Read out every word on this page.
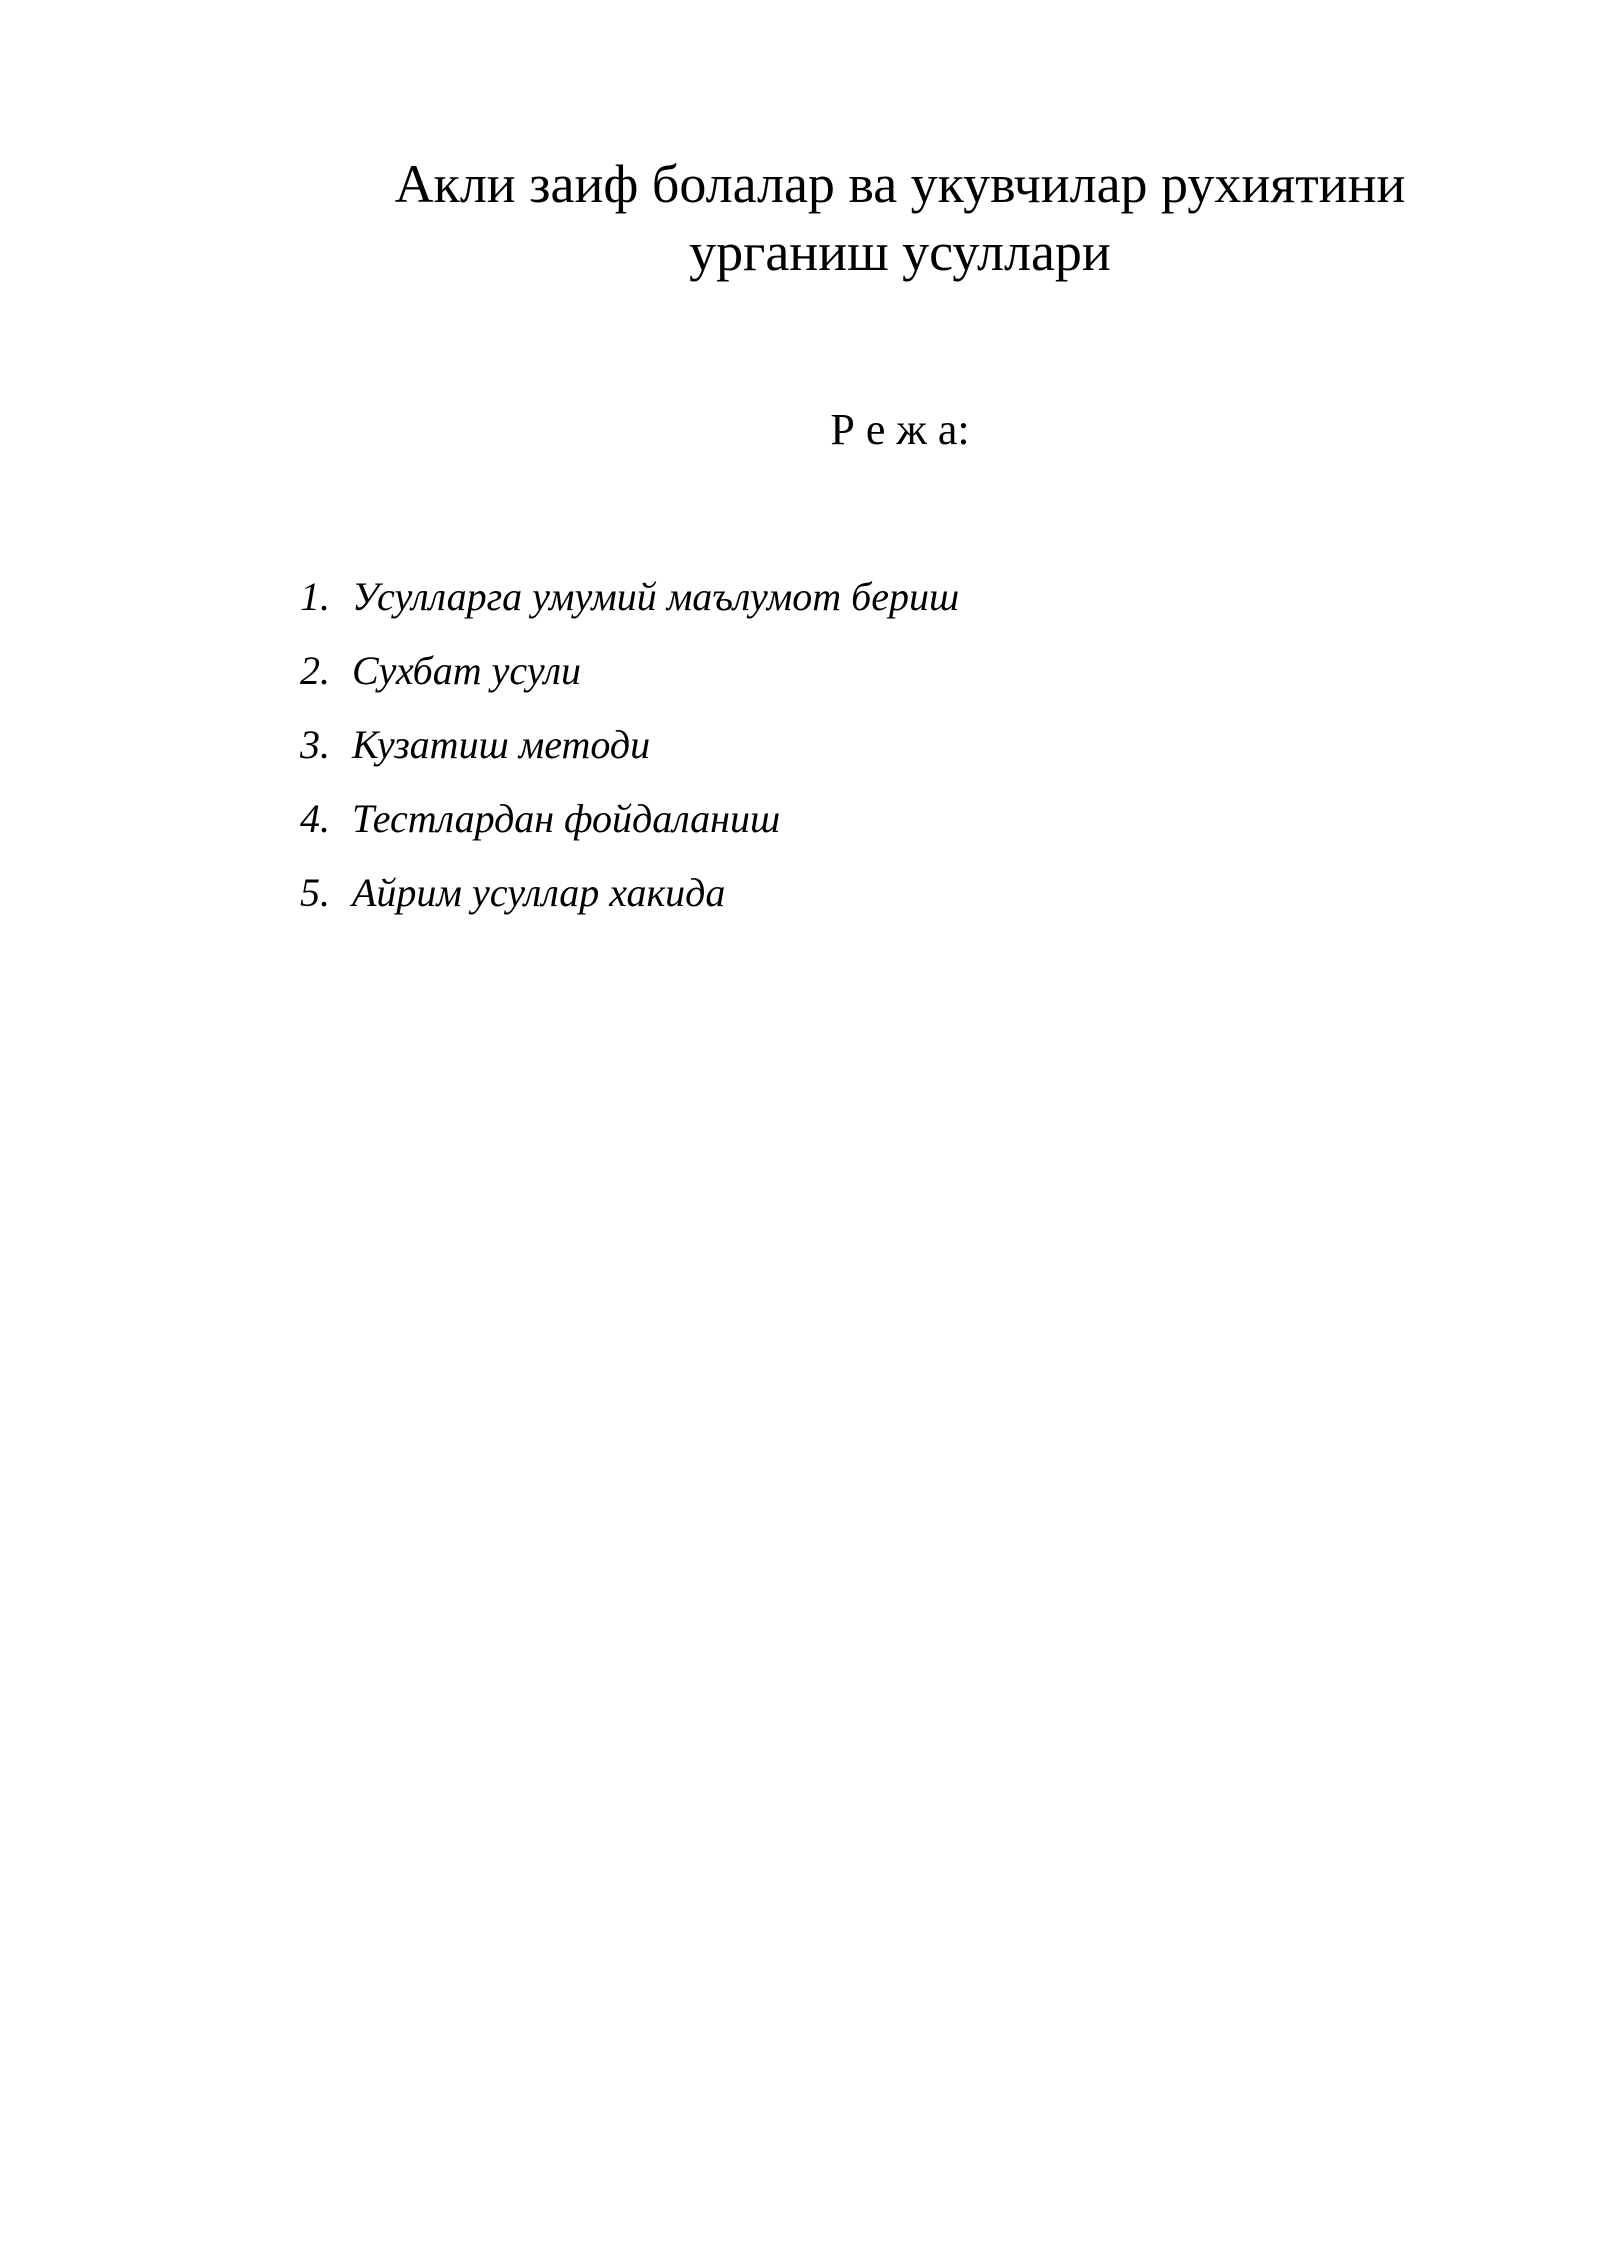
Акли заиф болалар ва укувчилар рухиятини
урганиш усуллари
Р е ж а:
1. Усулларга умумий маълумот бериш
2. Сухбат усули
3. Кузатиш методи
4. Тестлардан фойдаланиш
5. Айрим усуллар хакида
